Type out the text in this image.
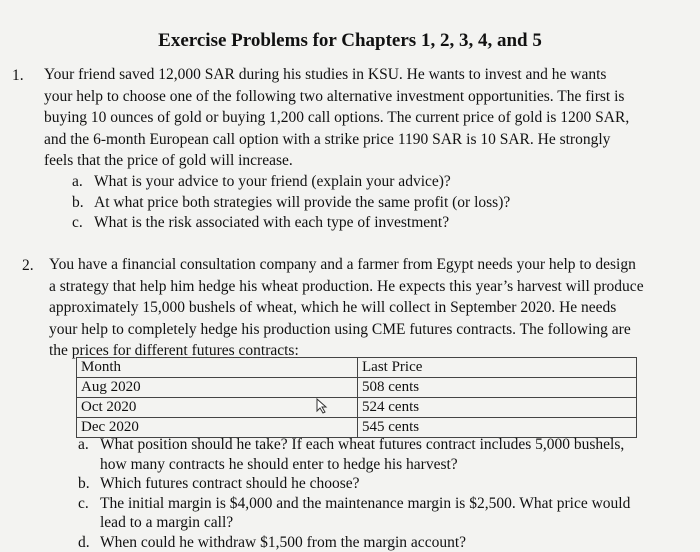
Exercise Problems for Chapters 1, 2, 3, 4, and 5
1. Your friend saved 12,000 SAR during his studies in KSU. He wants to invest and he wants
your help to choose one of the following two alternative investment opportunities. The first is
buying 10 ounces of gold or buying 1,200 call options. The current price of gold is 1200 SAR,
and the 6-month European call option with a strike price 1190 SAR is 10 SAR. He strongly
feels that the price of gold will increase.
a. What is your advice to your friend (explain your advice)?
b. At what price both strategies will provide the same profit (or loss)?
c. What is the risk associated with each type of investment?
2. You have a financial consultation company and a farmer from Egypt needs your help to design
a strategy that help him hedge his wheat production. He expects this year’s harvest will produce
approximately 15,000 bushels of wheat, which he will collect in September 2020. He needs
your help to completely hedge his production using CME futures contracts. The following are
the prices for different futures contracts:
Month	Last Price
Aug 2020	508 cents
Oct 2020	524 cents
Dec 2020	545 cents
a. What position should he take? If each wheat futures contract includes 5,000 bushels,
how many contracts he should enter to hedge his harvest?
b. Which futures contract should he choose?
c. The initial margin is $4,000 and the maintenance margin is $2,500. What price would
lead to a margin call?
d. When could he withdraw $1,500 from the margin account?
